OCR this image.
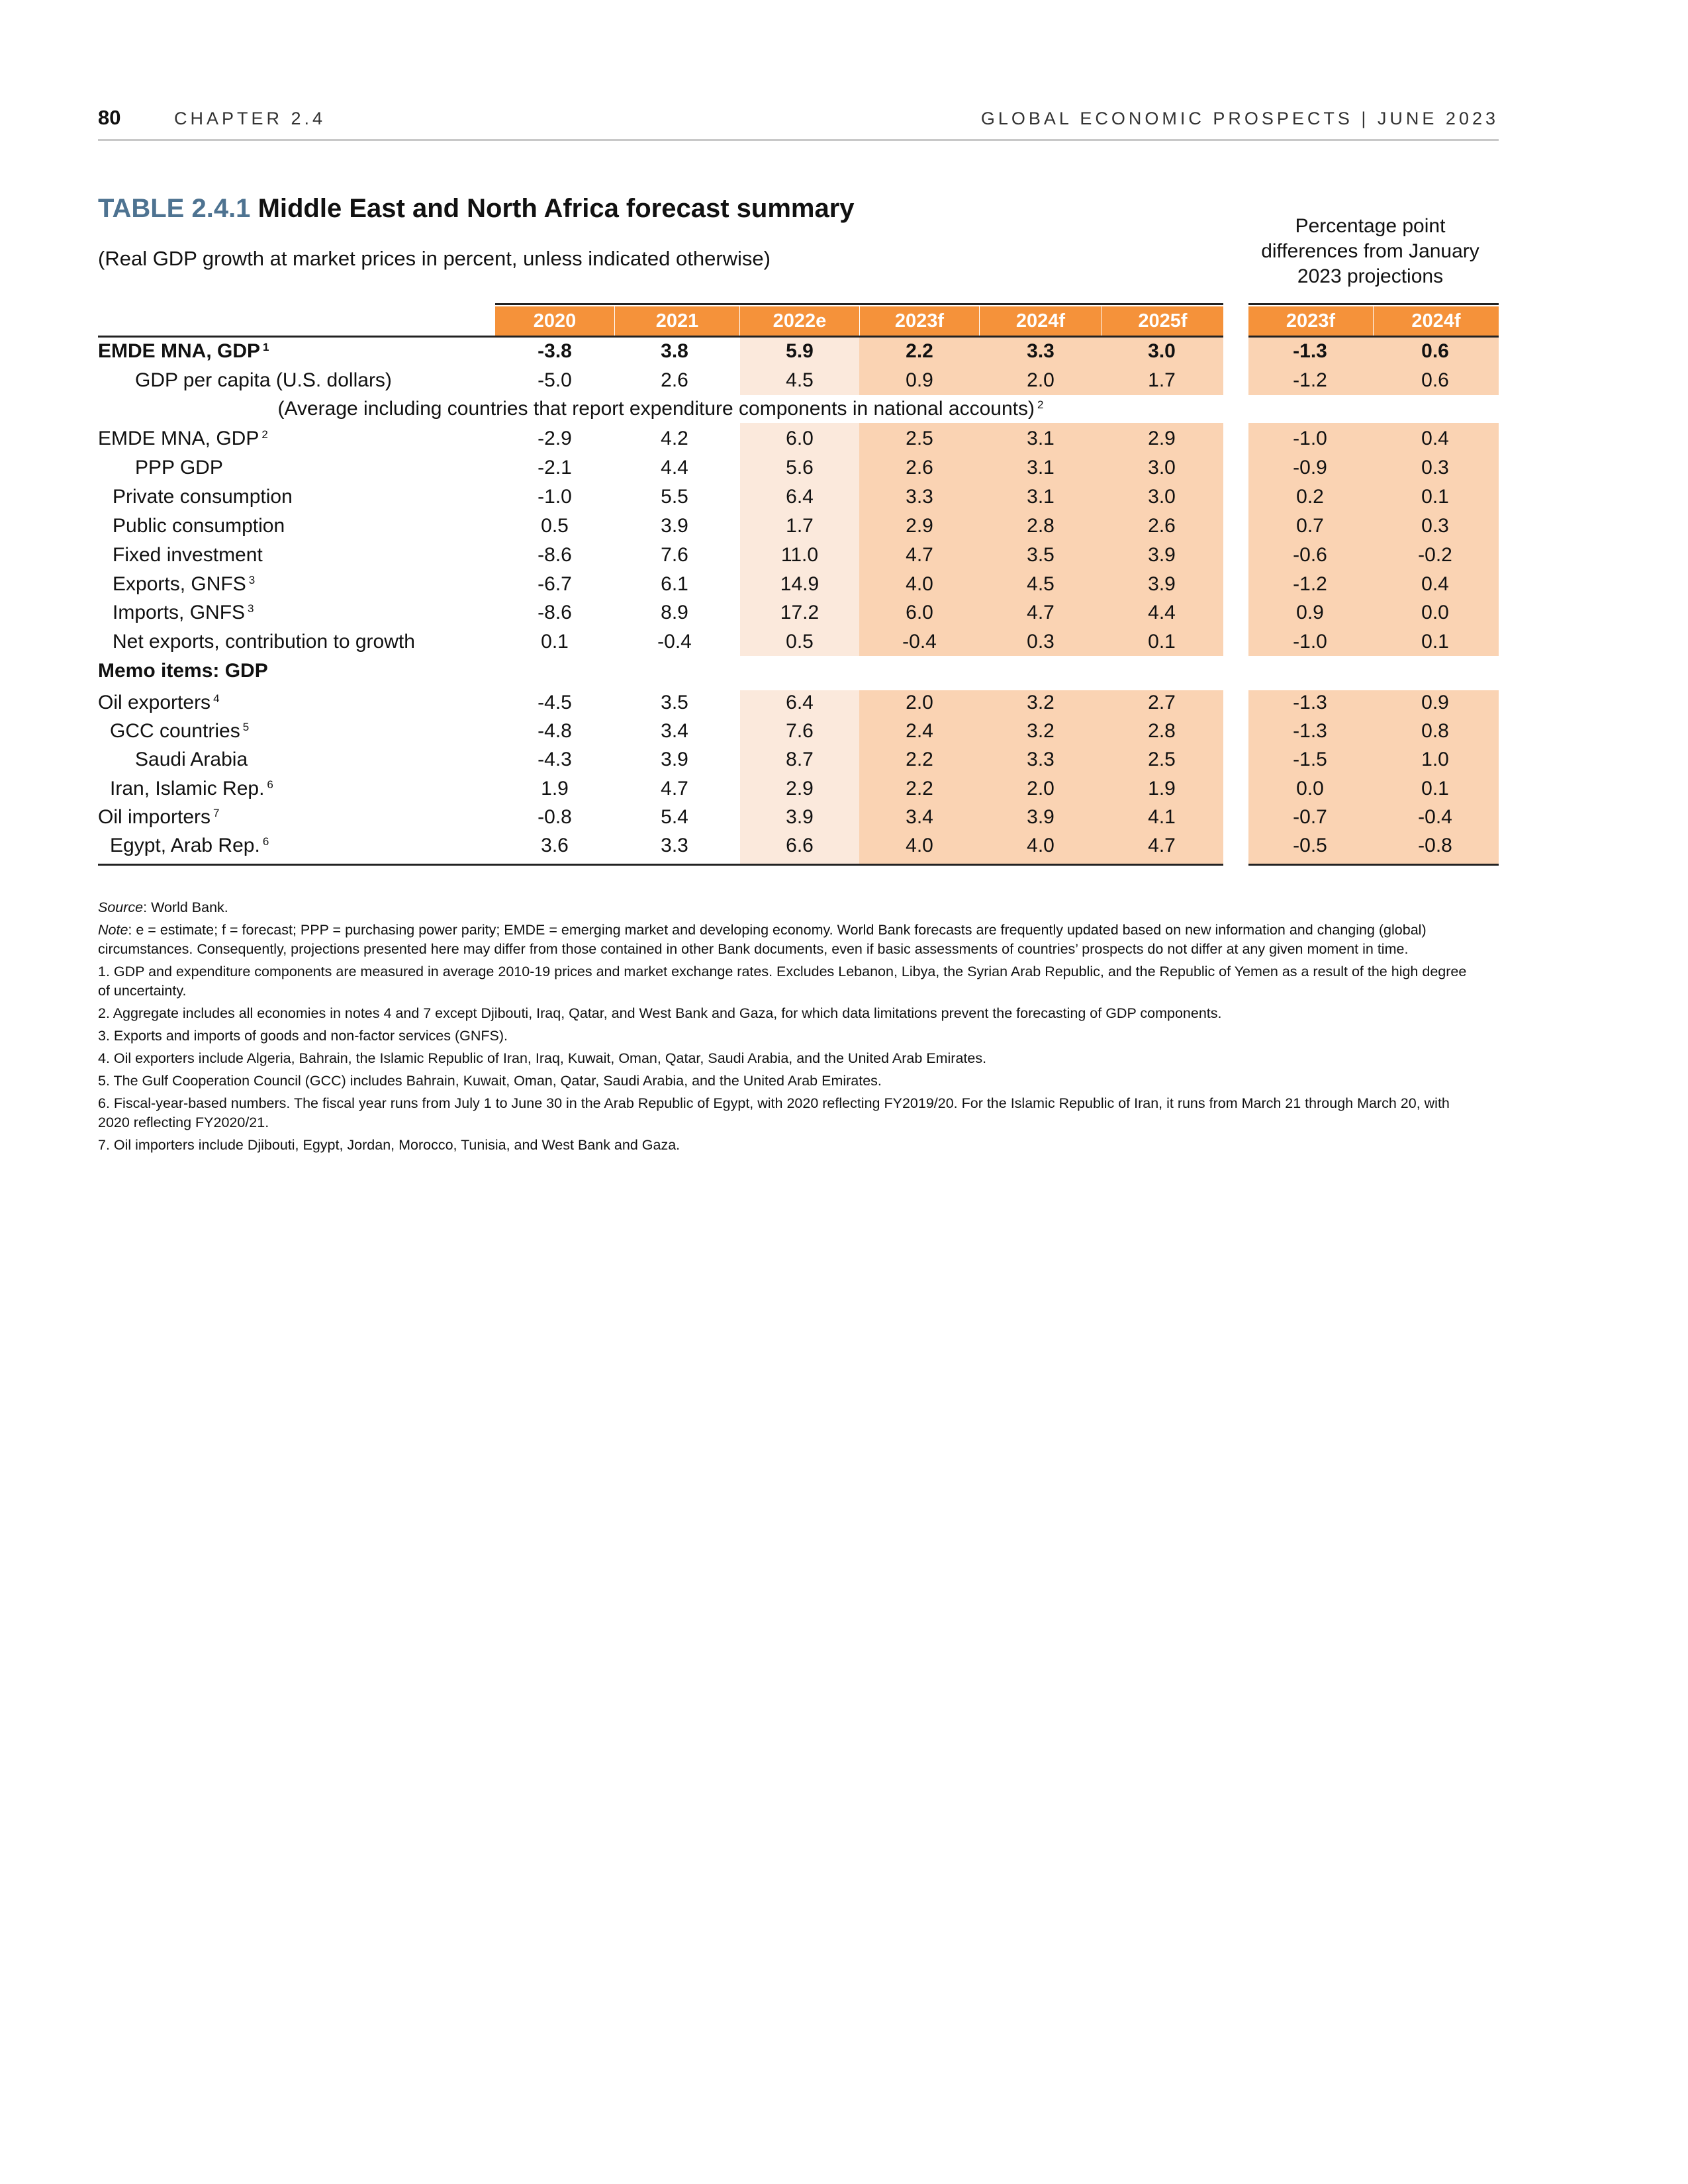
80	CHAPTER 2.4	GLOBAL ECONOMIC PROSPECTS | JUNE 2023
TABLE 2.4.1 Middle East and North Africa forecast summary
(Real GDP growth at market prices in percent, unless indicated otherwise)
Percentage point
differences from January
2023 projections
2020	2021	2022e	2023f	2024f	2025f	2023f	2024f
EMDE MNA, GDP $^1$	-3.8	3.8	5.9	2.2	3.3	3.0	-1.3	0.6
GDP per capita (U.S. dollars)	-5.0	2.6	4.5	0.9	2.0	1.7	-1.2	0.6
(Average including countries that report expenditure components in national accounts) $^2$
EMDE MNA, GDP $^2$	-2.9	4.2	6.0	2.5	3.1	2.9	-1.0	0.4
PPP GDP	-2.1	4.4	5.6	2.6	3.1	3.0	-0.9	0.3
Private consumption	-1.0	5.5	6.4	3.3	3.1	3.0	0.2	0.1
Public consumption	0.5	3.9	1.7	2.9	2.8	2.6	0.7	0.3
Fixed investment	-8.6	7.6	11.0	4.7	3.5	3.9	-0.6	-0.2
Exports, GNFS $^3$	-6.7	6.1	14.9	4.0	4.5	3.9	-1.2	0.4
Imports, GNFS $^3$	-8.6	8.9	17.2	6.0	4.7	4.4	0.9	0.0
Net exports, contribution to growth	0.1	-0.4	0.5	-0.4	0.3	0.1	-1.0	0.1
Memo items: GDP
Oil exporters $^4$	-4.5	3.5	6.4	2.0	3.2	2.7	-1.3	0.9
GCC countries $^5$	-4.8	3.4	7.6	2.4	3.2	2.8	-1.3	0.8
Saudi Arabia	-4.3	3.9	8.7	2.2	3.3	2.5	-1.5	1.0
Iran, Islamic Rep. $^6$	1.9	4.7	2.9	2.2	2.0	1.9	0.0	0.1
Oil importers $^7$	-0.8	5.4	3.9	3.4	3.9	4.1	-0.7	-0.4
Egypt, Arab Rep. $^6$	3.6	3.3	6.6	4.0	4.0	4.7	-0.5	-0.8

Source: World Bank.

Note: e = estimate; f = forecast; PPP = purchasing power parity; EMDE = emerging market and developing economy. World Bank forecasts are frequently updated based on new information and changing (global) circumstances. Consequently, projections presented here may differ from those contained in other Bank documents, even if basic assessments of countries’ prospects do not differ at any given moment in time.

1. GDP and expenditure components are measured in average 2010-19 prices and market exchange rates. Excludes Lebanon, Libya, the Syrian Arab Republic, and the Republic of Yemen as a result of the high degree of uncertainty.

2. Aggregate includes all economies in notes 4 and 7 except Djibouti, Iraq, Qatar, and West Bank and Gaza, for which data limitations prevent the forecasting of GDP components.

3. Exports and imports of goods and non-factor services (GNFS).

4. Oil exporters include Algeria, Bahrain, the Islamic Republic of Iran, Iraq, Kuwait, Oman, Qatar, Saudi Arabia, and the United Arab Emirates.

5. The Gulf Cooperation Council (GCC) includes Bahrain, Kuwait, Oman, Qatar, Saudi Arabia, and the United Arab Emirates.

6. Fiscal-year-based numbers. The fiscal year runs from July 1 to June 30 in the Arab Republic of Egypt, with 2020 reflecting FY2019/20. For the Islamic Republic of Iran, it runs from March 21 through March 20, with 2020 reflecting FY2020/21.

7. Oil importers include Djibouti, Egypt, Jordan, Morocco, Tunisia, and West Bank and Gaza.
